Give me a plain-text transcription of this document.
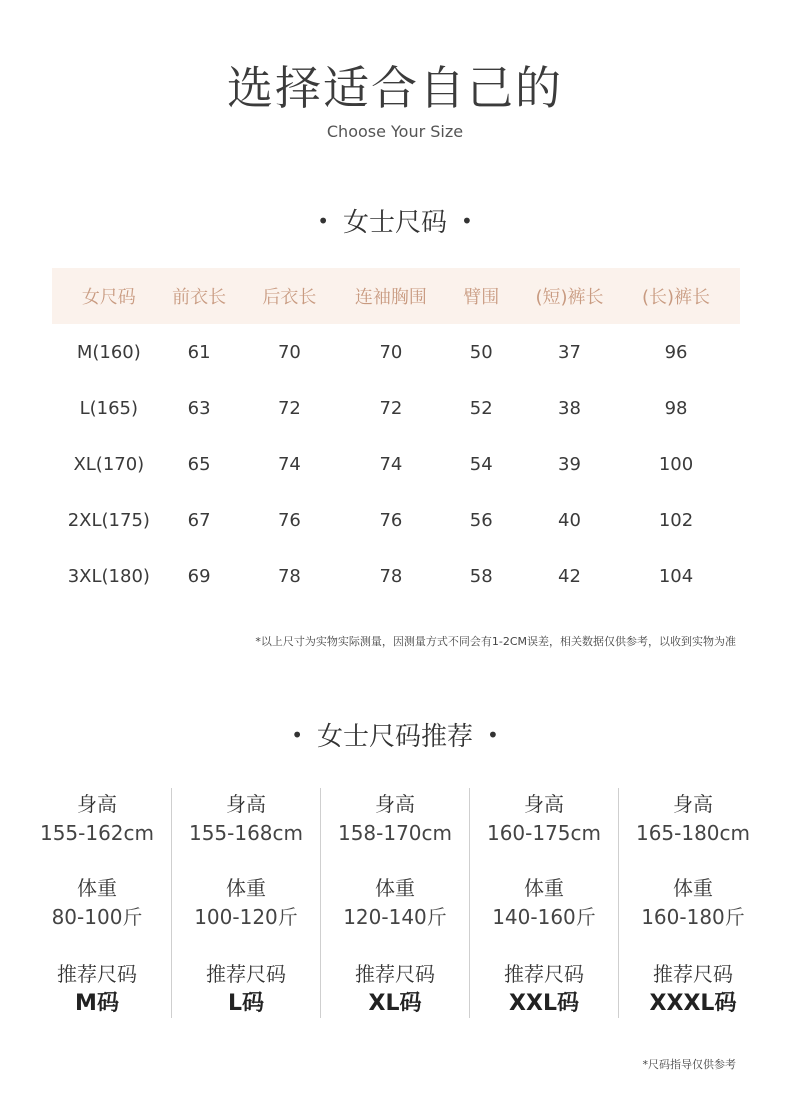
选择适合自己的
Choose Your Size
• 女士尺码 •
女尺码	前衣长	后衣长	连袖胸围	臂围	(短)裤长	(长)裤长
M(160)	61	70	70	50	37	96
L(165)	63	72	72	52	38	98
XL(170)	65	74	74	54	39	100
2XL(175)	67	76	76	56	40	102
3XL(180)	69	78	78	58	42	104
*以上尺寸为实物实际测量，因测量方式不同会有1-2CM误差，相关数据仅供参考，以收到实物为准
• 女士尺码推荐 •
身高
155-162cm
体重
80-100斤
推荐尺码
M码
身高
155-168cm
体重
100-120斤
推荐尺码
L码
身高
158-170cm
体重
120-140斤
推荐尺码
XL码
身高
160-175cm
体重
140-160斤
推荐尺码
XXL码
身高
165-180cm
体重
160-180斤
推荐尺码
XXXL码
*尺码指导仅供参考
